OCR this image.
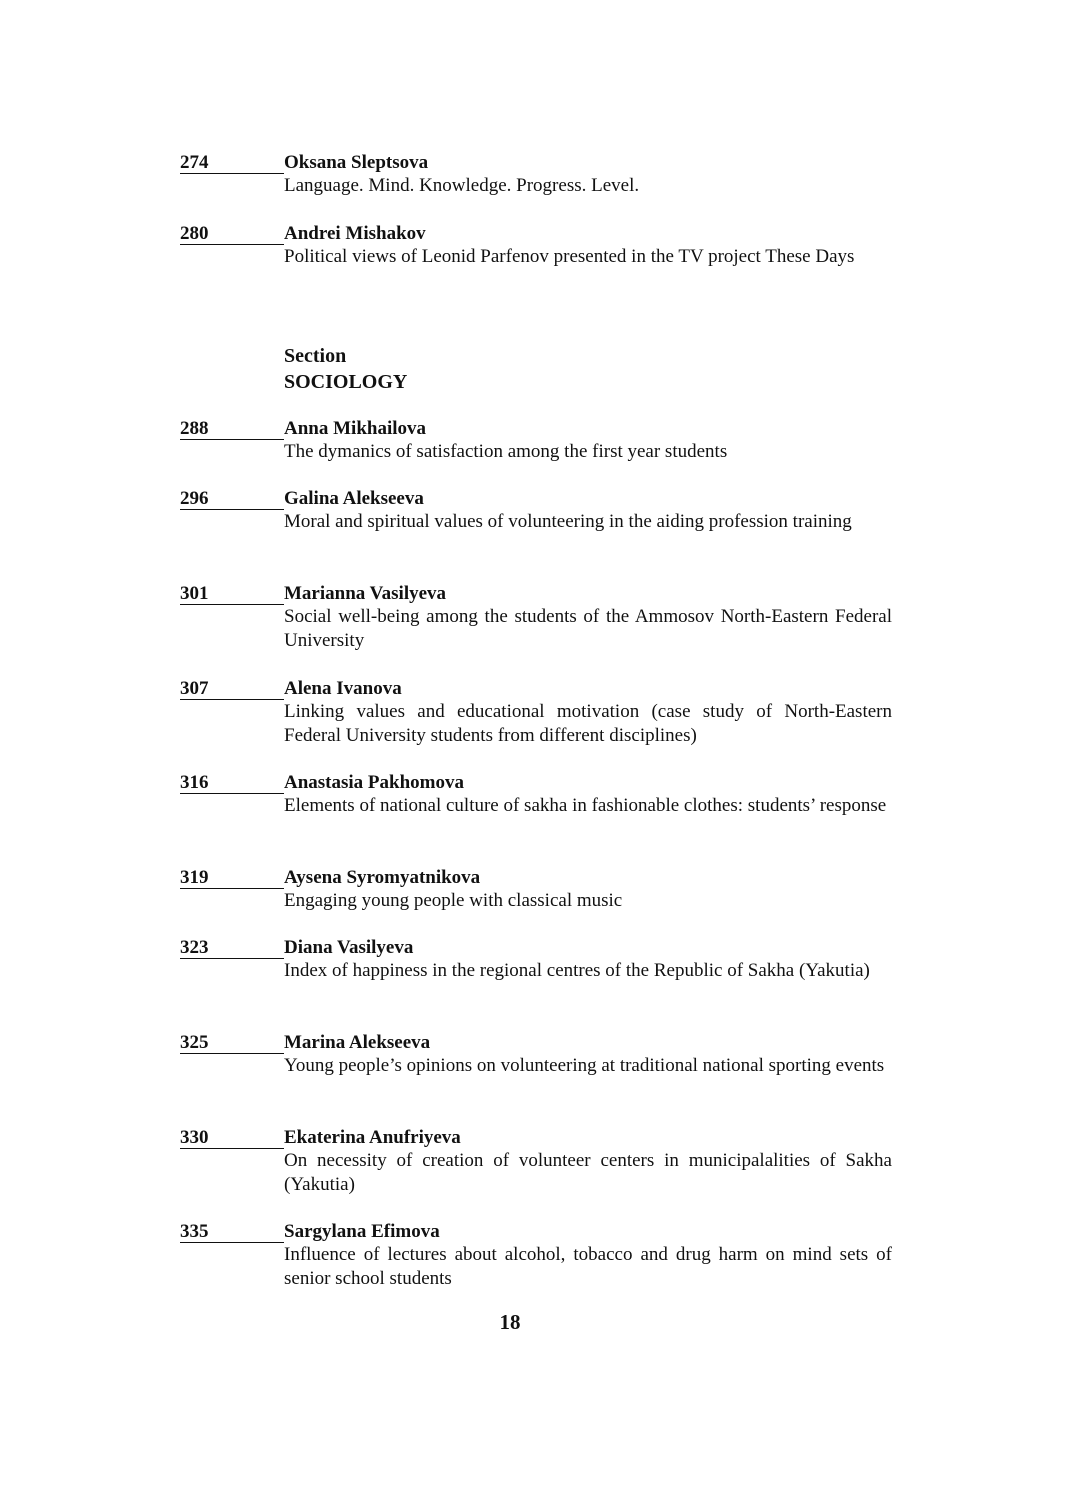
274	Oksana Sleptsova
Language. Mind. Knowledge. Progress. Level.
280	Andrei Mishakov
Political views of Leonid Parfenov presented in the TV project These Days
Section
SOCIOLOGY
288	Anna Mikhailova
The dymanics of satisfaction among the first year students
296	Galina Alekseeva
Moral and spiritual values of volunteering in the aiding profession training
301	Marianna Vasilyeva
Social well-being among the students of the Ammosov North-Eastern Federal University
307	Alena Ivanova
Linking values and educational motivation (case study of North-Eastern Federal University students from different disciplines)
316	Anastasia Pakhomova
Elements of national culture of sakha in fashionable clothes: students’ response
319	Aysena Syromyatnikova
Engaging young people with classical music
323	Diana Vasilyeva
Index of happiness in the regional centres of the Republic of Sakha (Yakutia)
325	Marina Alekseeva
Young people’s opinions on volunteering at traditional national sporting events
330	Ekaterina Anufriyeva
On necessity of creation of volunteer centers in municipalalities of Sakha (Yakutia)
335	Sargylana Efimova
Influence of lectures about alcohol, tobacco and drug harm on mind sets of senior school students
18
